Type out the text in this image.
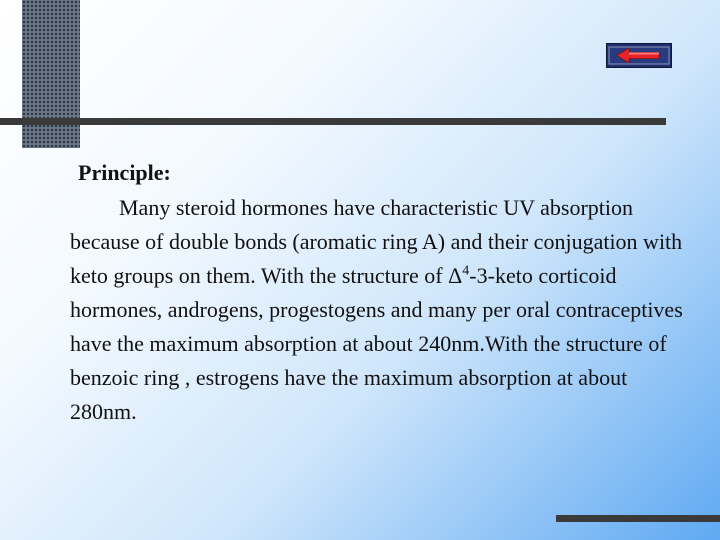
Principle:
Many steroid hormones have characteristic UV absorption because of double bonds (aromatic ring A) and their conjugation with keto groups on them. With the structure of $\Delta^4-3$-keto corticoid hormones, androgens, progestogens and many per oral contraceptives have the maximum absorption at about 240nm.With the structure of benzoic ring , estrogens have the maximum absorption at about 280nm.
